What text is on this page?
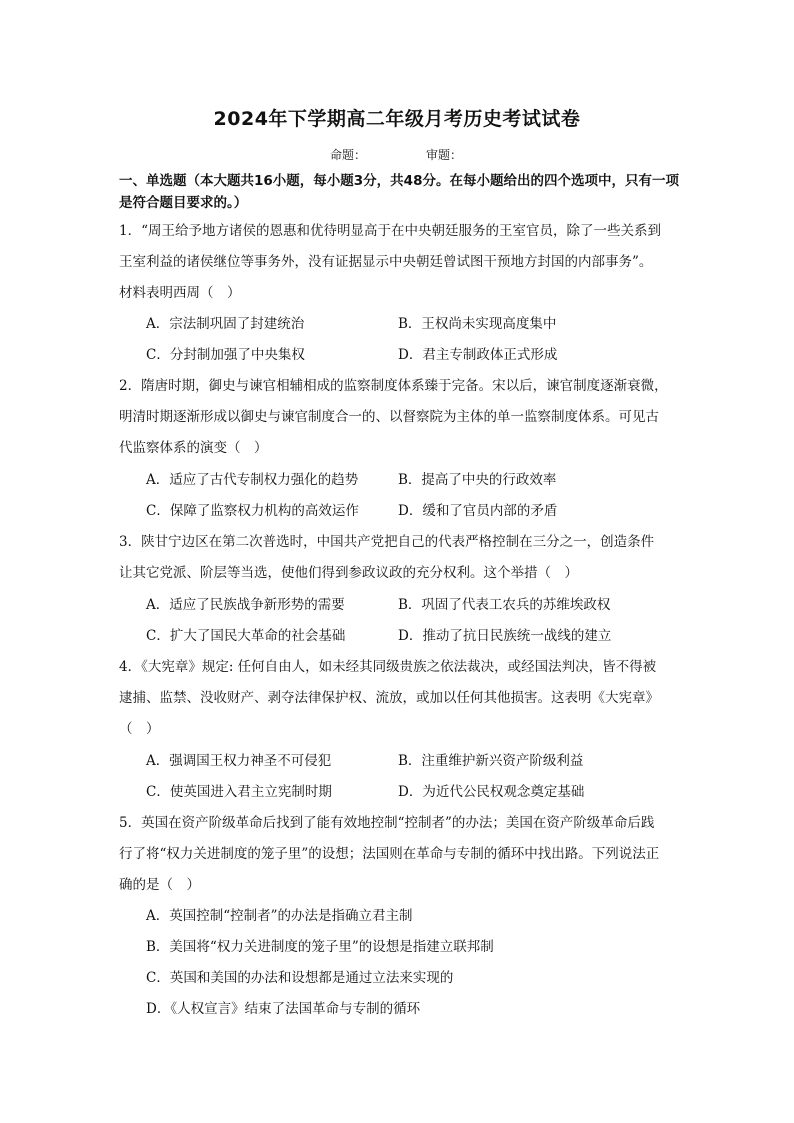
2024年下学期高二年级月考历史考试试卷
命题：	审题：
一、单选题（本大题共16小题，每小题3分，共48分。在每小题给出的四个选项中，只有一项是符合题目要求的。）
1．“周王给予地方诸侯的恩惠和优待明显高于在中央朝廷服务的王室官员，除了一些关系到
王室利益的诸侯继位等事务外，没有证据显示中央朝廷曾试图干预地方封国的内部事务”。
材料表明西周（　）
A．宗法制巩固了封建统治	B．王权尚未实现高度集中
C．分封制加强了中央集权	D．君主专制政体正式形成
2．隋唐时期，御史与谏官相辅相成的监察制度体系臻于完备。宋以后，谏官制度逐渐衰微，
明清时期逐渐形成以御史与谏官制度合一的、以督察院为主体的单一监察制度体系。可见古
代监察体系的演变（　）
A．适应了古代专制权力强化的趋势	B．提高了中央的行政效率
C．保障了监察权力机构的高效运作	D．缓和了官员内部的矛盾
3．陕甘宁边区在第二次普选时，中国共产党把自己的代表严格控制在三分之一，创造条件
让其它党派、阶层等当选，使他们得到参政议政的充分权利。这个举措（　）
A．适应了民族战争新形势的需要	B．巩固了代表工农兵的苏维埃政权
C．扩大了国民大革命的社会基础	D．推动了抗日民族统一战线的建立
4．《大宪章》规定: 任何自由人，如未经其同级贵族之依法裁决，或经国法判决，皆不得被
逮捕、监禁、没收财产、剥夺法律保护权、流放，或加以任何其他损害。这表明《大宪章》
（　）
A．强调国王权力神圣不可侵犯	B．注重维护新兴资产阶级利益
C．使英国进入君主立宪制时期	D．为近代公民权观念奠定基础
5．英国在资产阶级革命后找到了能有效地控制“控制者”的办法；美国在资产阶级革命后践
行了将“权力关进制度的笼子里”的设想；法国则在革命与专制的循环中找出路。下列说法正
确的是（　）
A．英国控制“控制者”的办法是指确立君主制
B．美国将“权力关进制度的笼子里”的设想是指建立联邦制
C．英国和美国的办法和设想都是通过立法来实现的
D．《人权宣言》结束了法国革命与专制的循环
